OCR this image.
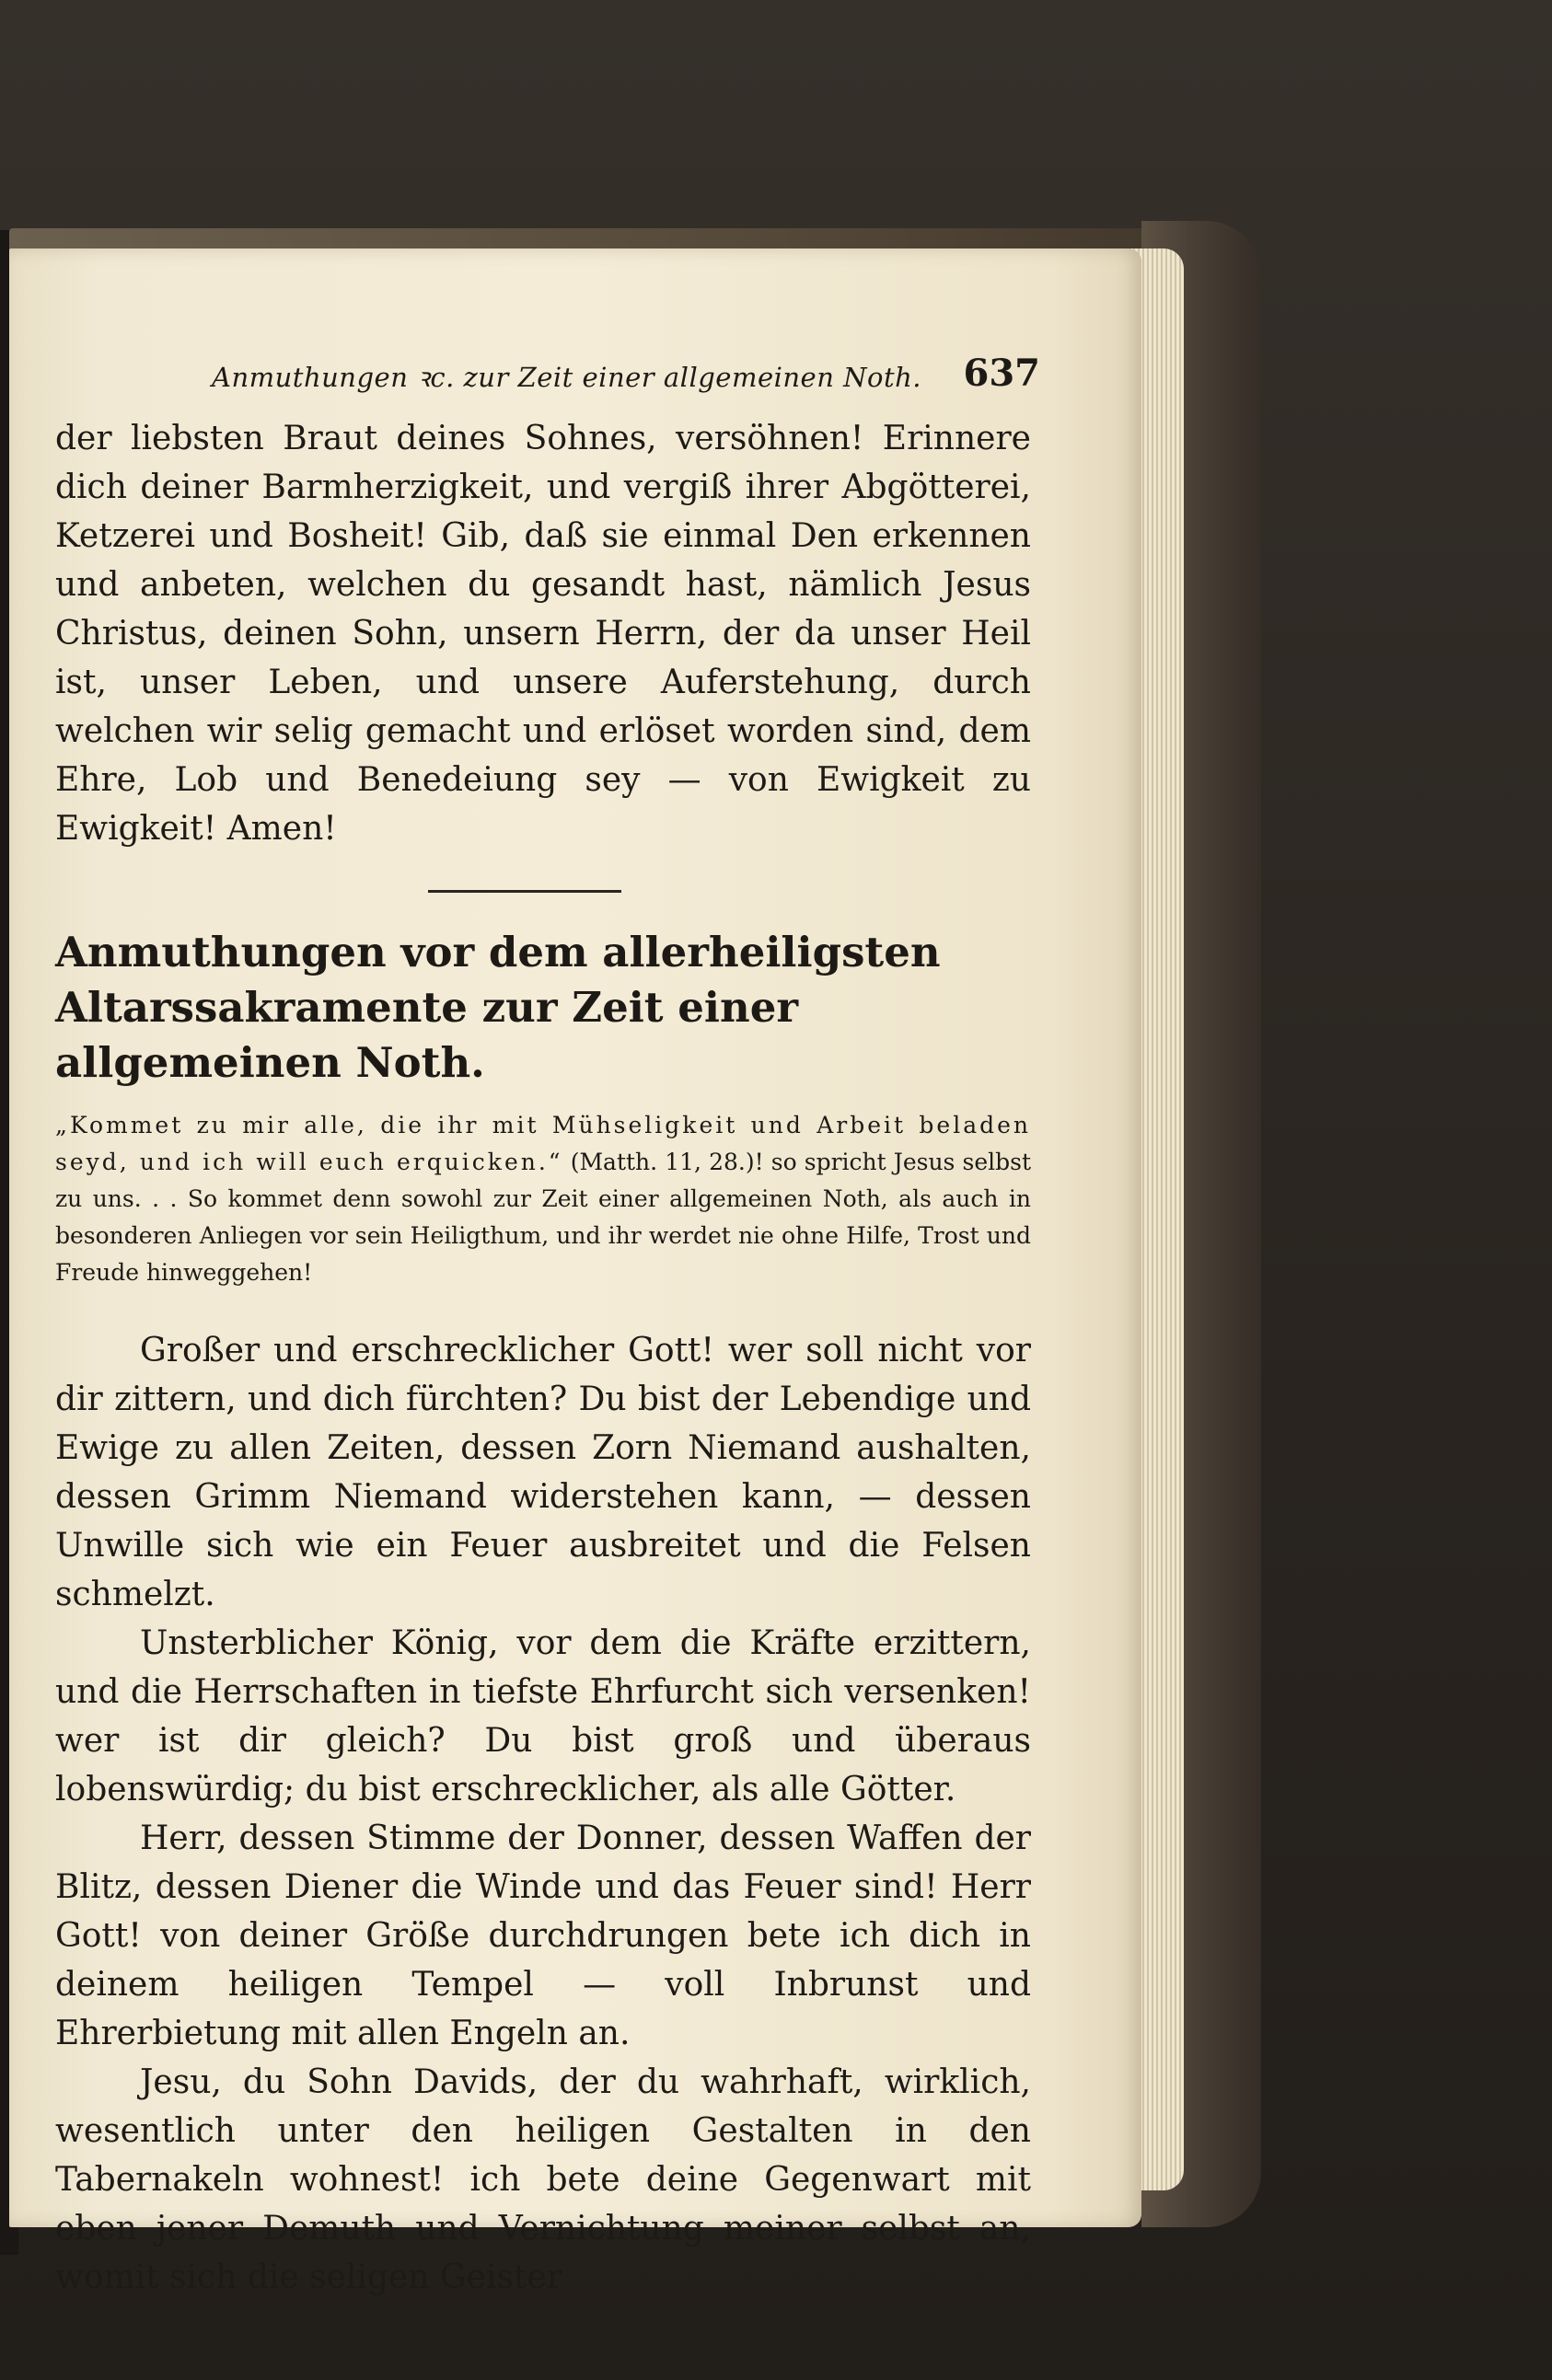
Anmuthungen ꝛc. zur Zeit einer allgemeinen Noth. 637

der liebsten Braut deines Sohnes, versöhnen! Erinnere dich deiner Barmherzigkeit, und vergiß ihrer Abgötterei, Ketzerei und Bosheit! Gib, daß sie einmal Den erkennen und anbeten, welchen du gesandt hast, nämlich Jesus Christus, deinen Sohn, unsern Herrn, der da unser Heil ist, unser Leben, und unsere Auferstehung, durch welchen wir selig gemacht und erlöset worden sind, dem Ehre, Lob und Benedeiung sey — von Ewigkeit zu Ewigkeit! Amen!

Anmuthungen vor dem allerheiligsten Altarssakramente zur Zeit einer allgemeinen Noth.

„Kommet zu mir alle, die ihr mit Mühseligkeit und Arbeit beladen seyd, und ich will euch erquicken.“ (Matth. 11, 28.)! so spricht Jesus selbst zu uns. . . So kommet denn sowohl zur Zeit einer allgemeinen Noth, als auch in besonderen Anliegen vor sein Heiligthum, und ihr werdet nie ohne Hilfe, Trost und Freude hinweggehen!

Großer und erschrecklicher Gott! wer soll nicht vor dir zittern, und dich fürchten? Du bist der Lebendige und Ewige zu allen Zeiten, dessen Zorn Niemand aushalten, dessen Grimm Niemand widerstehen kann, — dessen Unwille sich wie ein Feuer ausbreitet und die Felsen schmelzt.

Unsterblicher König, vor dem die Kräfte erzittern, und die Herrschaften in tiefste Ehrfurcht sich versenken! wer ist dir gleich? Du bist groß und überaus lobenswürdig; du bist erschrecklicher, als alle Götter.

Herr, dessen Stimme der Donner, dessen Waffen der Blitz, dessen Diener die Winde und das Feuer sind! Herr Gott! von deiner Größe durchdrungen bete ich dich in deinem heiligen Tempel — voll Inbrunst und Ehrerbietung mit allen Engeln an.

Jesu, du Sohn Davids, der du wahrhaft, wirklich, wesentlich unter den heiligen Gestalten in den Tabernakeln wohnest! ich bete deine Gegenwart mit eben jener Demuth und Vernichtung meiner selbst an, womit sich die seligen Geister
